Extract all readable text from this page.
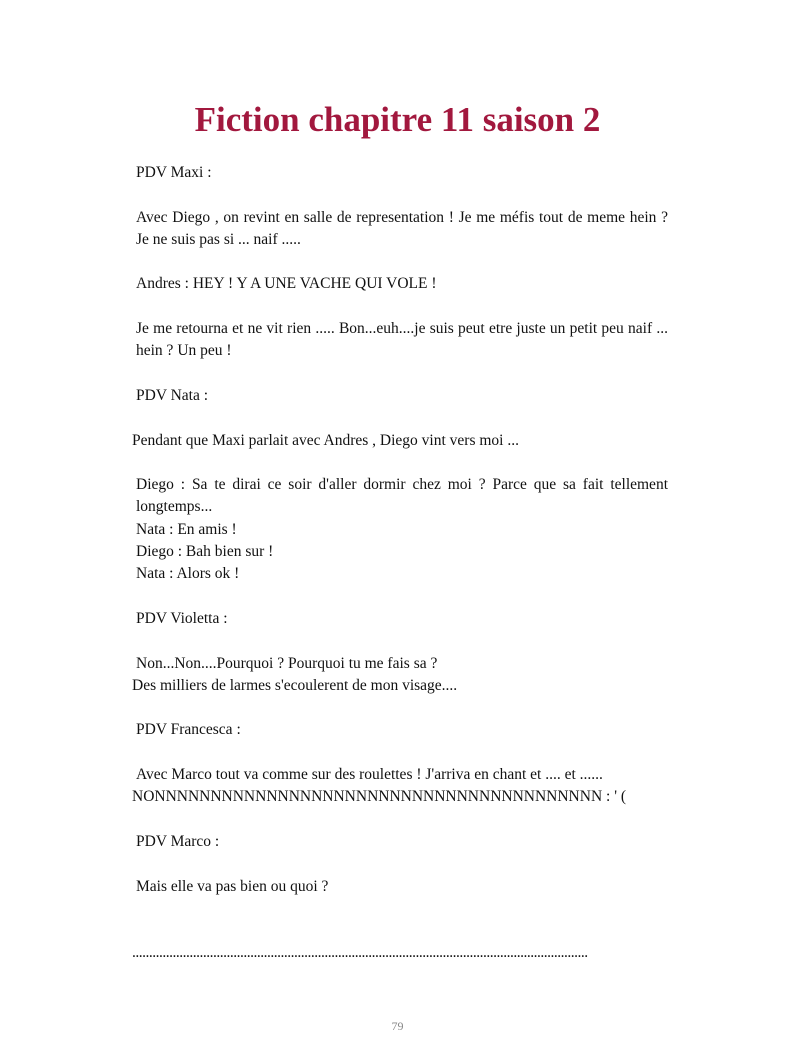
Fiction chapitre 11 saison 2

PDV Maxi :

Avec Diego , on revint en salle de representation ! Je me méfis tout de meme hein ? Je ne suis pas si ... naif .....

Andres : HEY ! Y A UNE VACHE QUI VOLE !

Je me retourna et ne vit rien ..... Bon...euh....je suis peut etre juste un petit peu naif ... hein ? Un peu !

PDV Nata :

Pendant que Maxi parlait avec Andres , Diego vint vers moi ...

Diego : Sa te dirai ce soir d'aller dormir chez moi ? Parce que sa fait tellement longtemps...

Nata : En amis !

Diego : Bah bien sur !

Nata : Alors ok !

PDV Violetta :

Non...Non....Pourquoi ? Pourquoi tu me fais sa ?

Des milliers de larmes s'ecoulerent de mon visage....

PDV Francesca :

Avec Marco tout va comme sur des roulettes ! J'arriva en chant et .... et ......

NONNNNNNNNNNNNNNNNNNNNNNNNNNNNNNNNNNNNNNNN : ' (

PDV Marco :

Mais elle va pas bien ou quoi ?

.......................................................................................................................................

79
